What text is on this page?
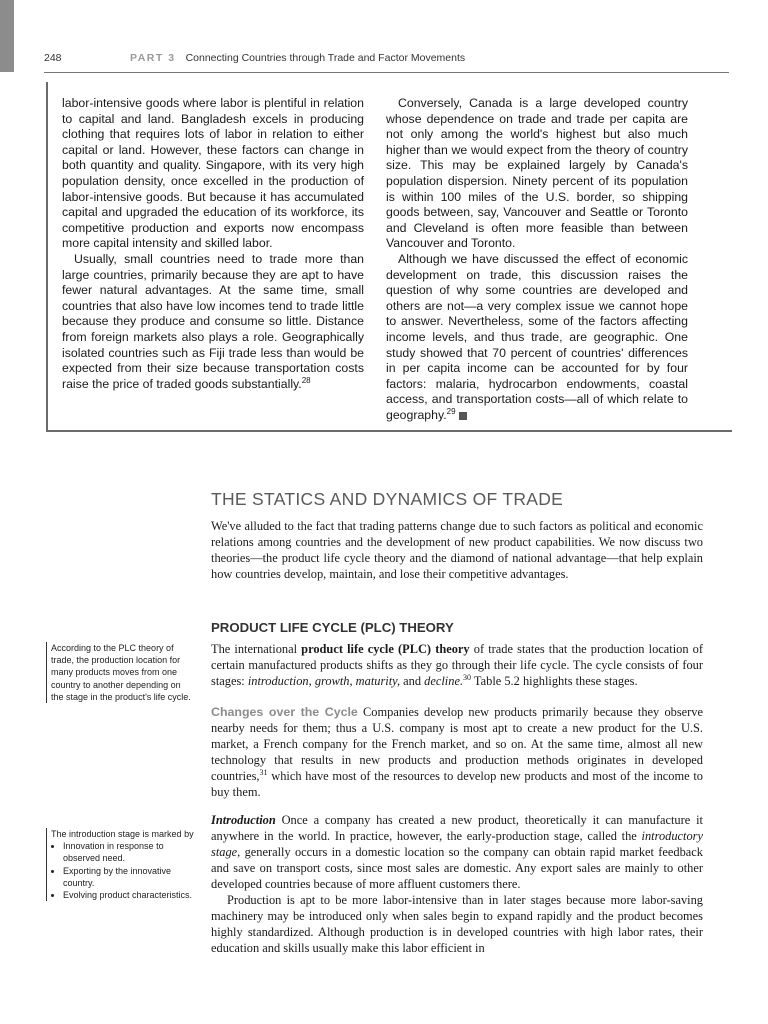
248	PART 3 Connecting Countries through Trade and Factor Movements

labor-intensive goods where labor is plentiful in relation to capital and land. Bangladesh excels in producing clothing that requires lots of labor in relation to either capital or land. However, these factors can change in both quantity and quality. Singapore, with its very high population density, once excelled in the production of labor-intensive goods. But because it has accumulated capital and upgraded the education of its workforce, its competitive production and exports now encompass more capital intensity and skilled labor.

Usually, small countries need to trade more than large countries, primarily because they are apt to have fewer natural advantages. At the same time, small countries that also have low incomes tend to trade little because they produce and consume so little. Distance from foreign markets also plays a role. Geographically isolated countries such as Fiji trade less than would be expected from their size because transportation costs raise the price of traded goods substantially.$^{28}$

Conversely, Canada is a large developed country whose dependence on trade and trade per capita are not only among the world's highest but also much higher than we would expect from the theory of country size. This may be explained largely by Canada's population dispersion. Ninety percent of its population is within 100 miles of the U.S. border, so shipping goods between, say, Vancouver and Seattle or Toronto and Cleveland is often more feasible than between Vancouver and Toronto.

Although we have discussed the effect of economic development on trade, this discussion raises the question of why some countries are developed and others are not—a very complex issue we cannot hope to answer. Nevertheless, some of the factors affecting income levels, and thus trade, are geographic. One study showed that 70 percent of countries' differences in per capita income can be accounted for by four factors: malaria, hydrocarbon endowments, coastal access, and transportation costs—all of which relate to geography.$^{29}$

THE STATICS AND DYNAMICS OF TRADE

We've alluded to the fact that trading patterns change due to such factors as political and economic relations among countries and the development of new product capabilities. We now discuss two theories—the product life cycle theory and the diamond of national advantage—that help explain how countries develop, maintain, and lose their competitive advantages.

PRODUCT LIFE CYCLE (PLC) THEORY

The international product life cycle (PLC) theory of trade states that the production location of certain manufactured products shifts as they go through their life cycle. The cycle consists of four stages: introduction, growth, maturity, and decline.$^{30}$ Table 5.2 highlights these stages.

Changes over the Cycle Companies develop new products primarily because they observe nearby needs for them; thus a U.S. company is most apt to create a new product for the U.S. market, a French company for the French market, and so on. At the same time, almost all new technology that results in new products and production methods originates in developed countries,$^{31}$ which have most of the resources to develop new products and most of the income to buy them.

Introduction Once a company has created a new product, theoretically it can manufacture it anywhere in the world. In practice, however, the early-production stage, called the introductory stage, generally occurs in a domestic location so the company can obtain rapid market feedback and save on transport costs, since most sales are domestic. Any export sales are mainly to other developed countries because of more affluent customers there.

Production is apt to be more labor-intensive than in later stages because more labor-saving machinery may be introduced only when sales begin to expand rapidly and the product becomes highly standardized. Although production is in developed countries with high labor rates, their education and skills usually make this labor efficient in

According to the PLC theory of trade, the production location for many products moves from one country to another depending on the stage in the product's life cycle.
The introduction stage is marked by
• Innovation in response to observed need.
• Exporting by the innovative country.
• Evolving product characteristics.
